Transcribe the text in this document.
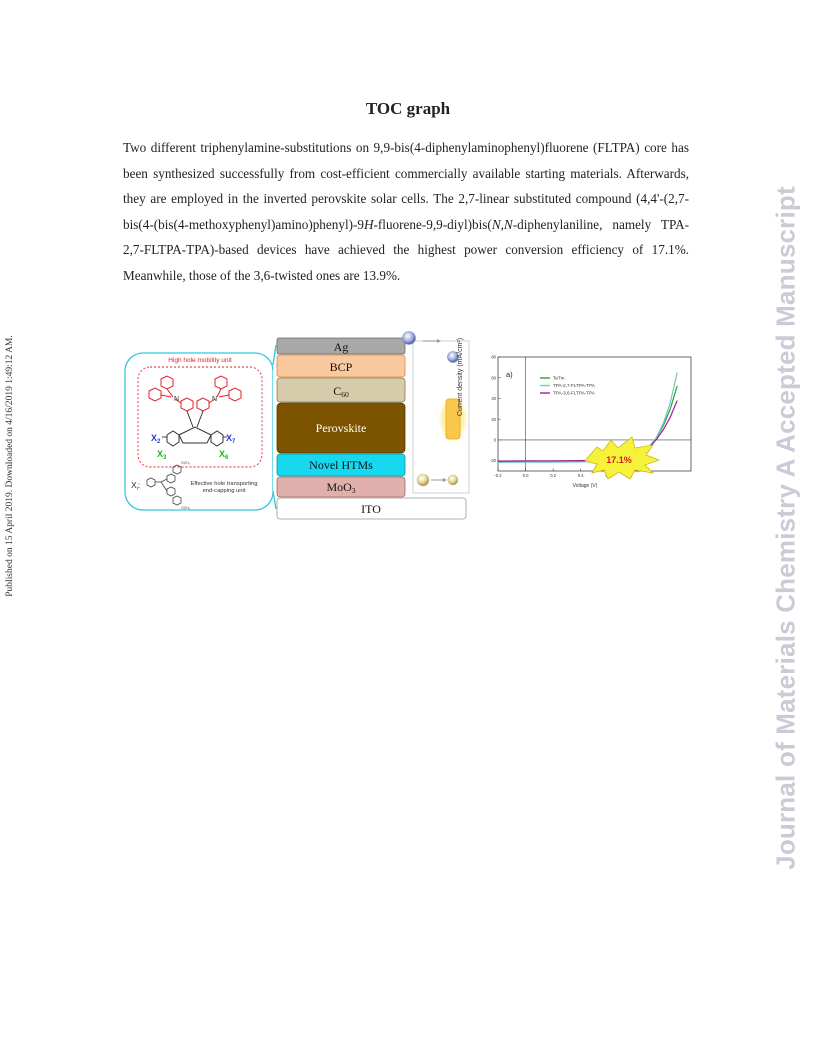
Published on 15 April 2019. Downloaded on 4/16/2019 1:49:12 AM.	Journal of Materials Chemistry A Accepted Manuscript
TOC graph
Two different triphenylamine-substitutions on 9,9-bis(4-diphenylaminophenyl)fluorene (FLTPA) core has been synthesized successfully from cost-efficient commercially available starting materials. Afterwards, they are employed in the inverted perovskite solar cells. The 2,7-linear substituted compound (4,4'-(2,7-bis(4-(bis(4-methoxyphenyl)amino)phenyl)-9H-fluorene-9,9-diyl)bis(N,N-diphenylaniline, namely TPA-2,7-FLTPA-TPA)-based devices have achieved the highest power conversion efficiency of 17.1%. Meanwhile, those of the 3,6-twisted ones are 13.9%.
High hole mobility unit
N	N
$X_2$	$X_7$
$X_3$	$X_6$
$X_i$:
OCH₃
OCH₃
Effective hole transporting
end-capping unit
Ag
BCP
C60
Perovskite
Novel HTMs
MoO3
ITO
Current density (mA/cm²)
Voltage (V)
a)
80
60
40
20
0
-20
-0.2	0.0	0.2	0.4
TaTm
TPA-2,7-FLTPA-TPA
TPA-3,6-FLTPA-TPA
17.1%
